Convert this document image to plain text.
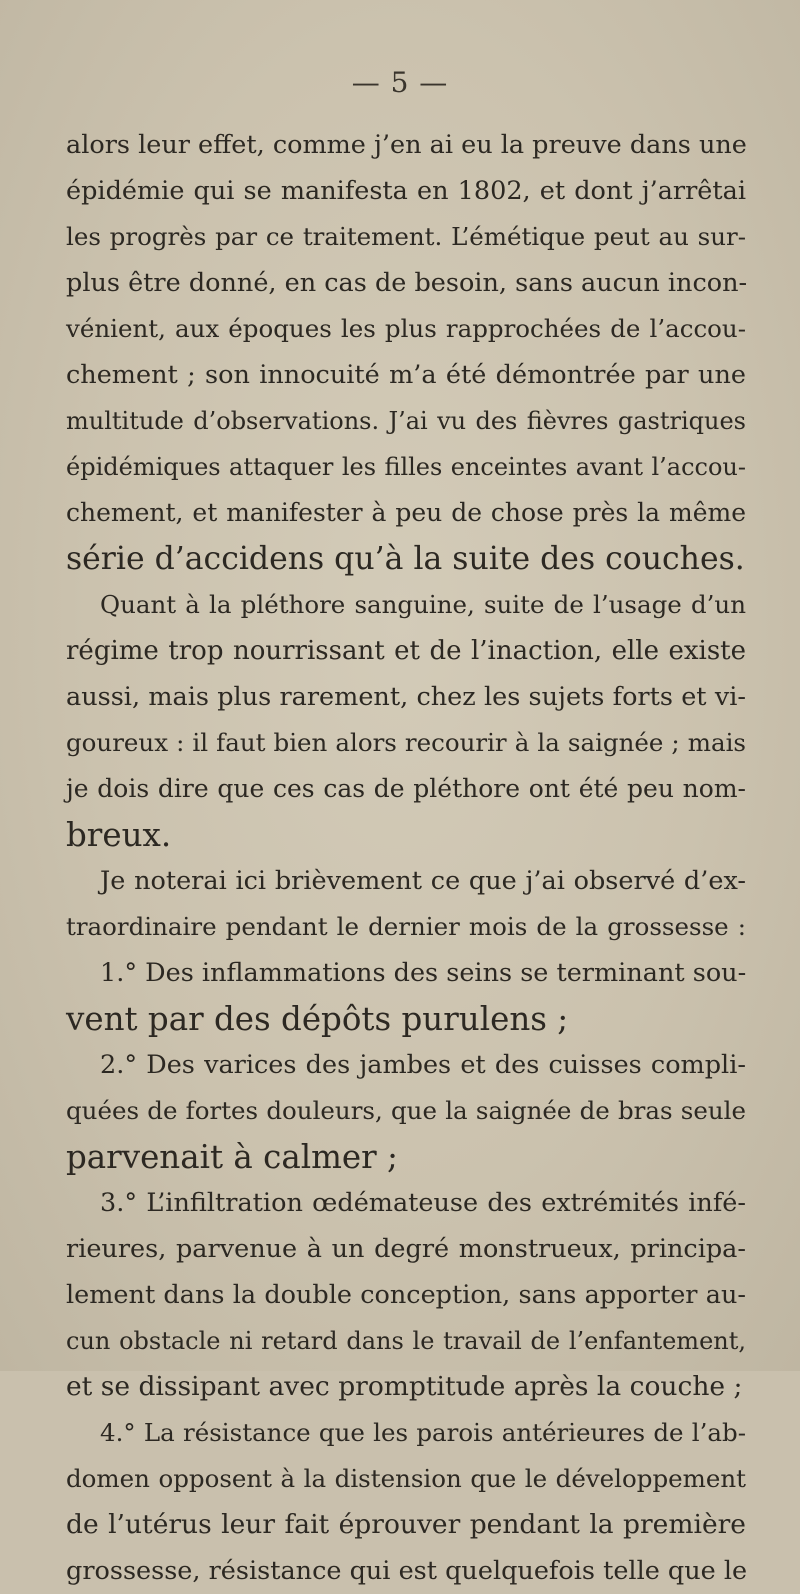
— 5 —
alors leur effet, comme j’en ai eu la preuve dans une
épidémie qui se manifesta en 1802, et dont j’arrêtai
les progrès par ce traitement. L’émétique peut au sur-
plus être donné, en cas de besoin, sans aucun incon-
vénient, aux époques les plus rapprochées de l’accou-
chement ; son innocuité m’a été démontrée par une
multitude d’observations. J’ai vu des fièvres gastriques
épidémiques attaquer les filles enceintes avant l’accou-
chement, et manifester à peu de chose près la même
série d’accidens qu’à la suite des couches.
Quant à la pléthore sanguine, suite de l’usage d’un
régime trop nourrissant et de l’inaction, elle existe
aussi, mais plus rarement, chez les sujets forts et vi-
goureux : il faut bien alors recourir à la saignée ; mais
je dois dire que ces cas de pléthore ont été peu nom-
breux.
Je noterai ici brièvement ce que j’ai observé d’ex-
traordinaire pendant le dernier mois de la grossesse :
1.° Des inflammations des seins se terminant sou-
vent par des dépôts purulens ;
2.° Des varices des jambes et des cuisses compli-
quées de fortes douleurs, que la saignée de bras seule
parvenait à calmer ;
3.° L’infiltration œdémateuse des extrémités infé-
rieures, parvenue à un degré monstrueux, principa-
lement dans la double conception, sans apporter au-
cun obstacle ni retard dans le travail de l’enfantement,
et se dissipant avec promptitude après la couche ;
4.° La résistance que les parois antérieures de l’ab-
domen opposent à la distension que le développement
de l’utérus leur fait éprouver pendant la première
grossesse, résistance qui est quelquefois telle que le
